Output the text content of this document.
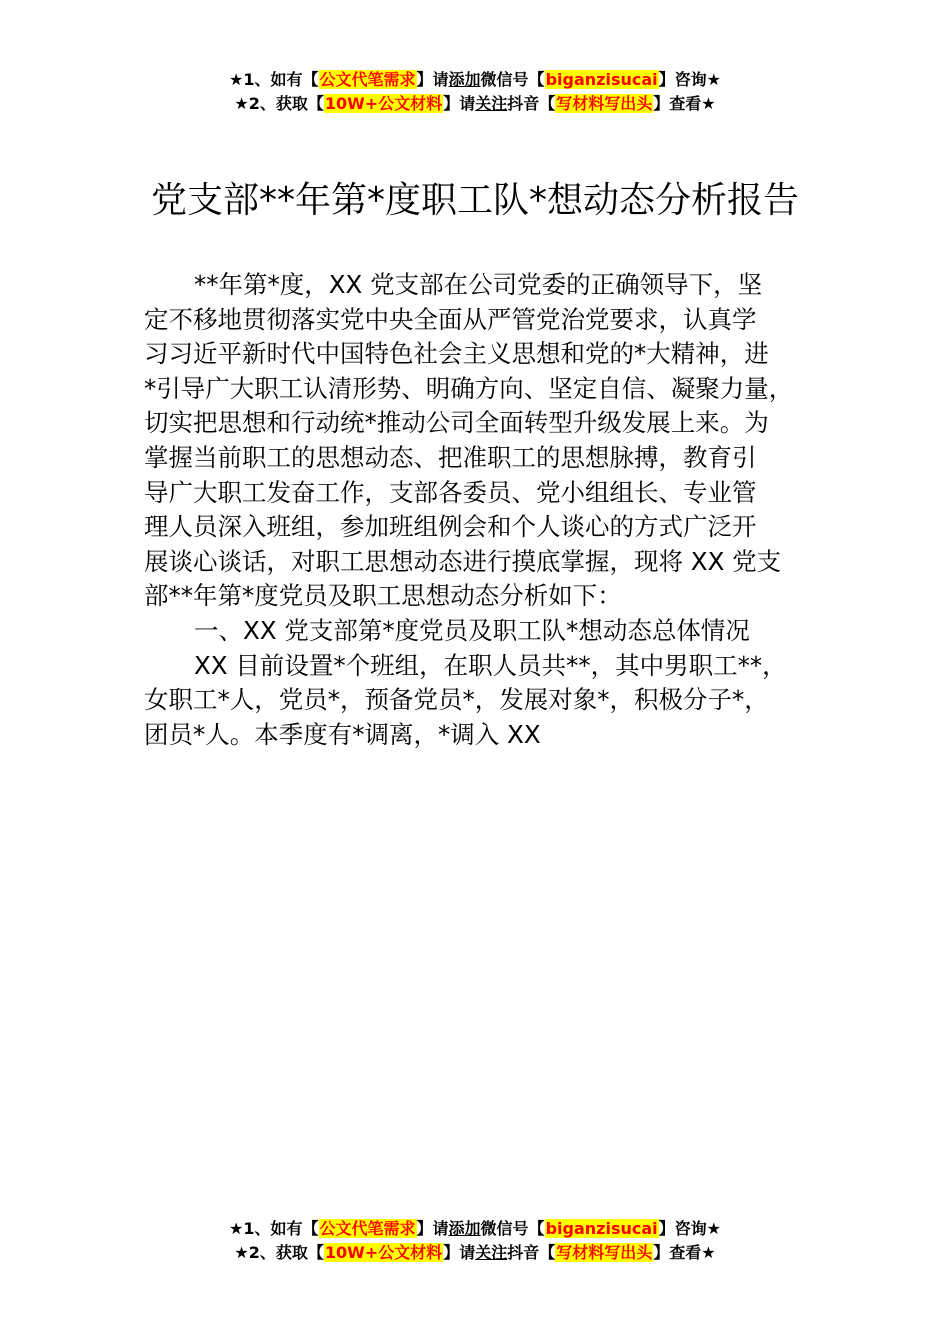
★1、如有【公文代笔需求】请添加微信号【biganzisucai】咨询★
★2、获取【10W+公文材料】请关注抖音【写材料写出头】查看★
党支部**年第*度职工队*想动态分析报告
**年第*度，XX 党支部在公司党委的正确领导下，坚
定不移地贯彻落实党中央全面从严管党治党要求，认真学
习习近平新时代中国特色社会主义思想和党的*大精神，进
*引导广大职工认清形势、明确方向、坚定自信、凝聚力量，
切实把思想和行动统*推动公司全面转型升级发展上来。为
掌握当前职工的思想动态、把准职工的思想脉搏，教育引
导广大职工发奋工作，支部各委员、党小组组长、专业管
理人员深入班组，参加班组例会和个人谈心的方式广泛开
展谈心谈话，对职工思想动态进行摸底掌握，现将 XX 党支
部**年第*度党员及职工思想动态分析如下：
一、XX 党支部第*度党员及职工队*想动态总体情况
XX 目前设置*个班组，在职人员共**，其中男职工**，
女职工*人，党员*，预备党员*，发展对象*，积极分子*，
团员*人。本季度有*调离，*调入 XX
★1、如有【公文代笔需求】请添加微信号【biganzisucai】咨询★
★2、获取【10W+公文材料】请关注抖音【写材料写出头】查看★
